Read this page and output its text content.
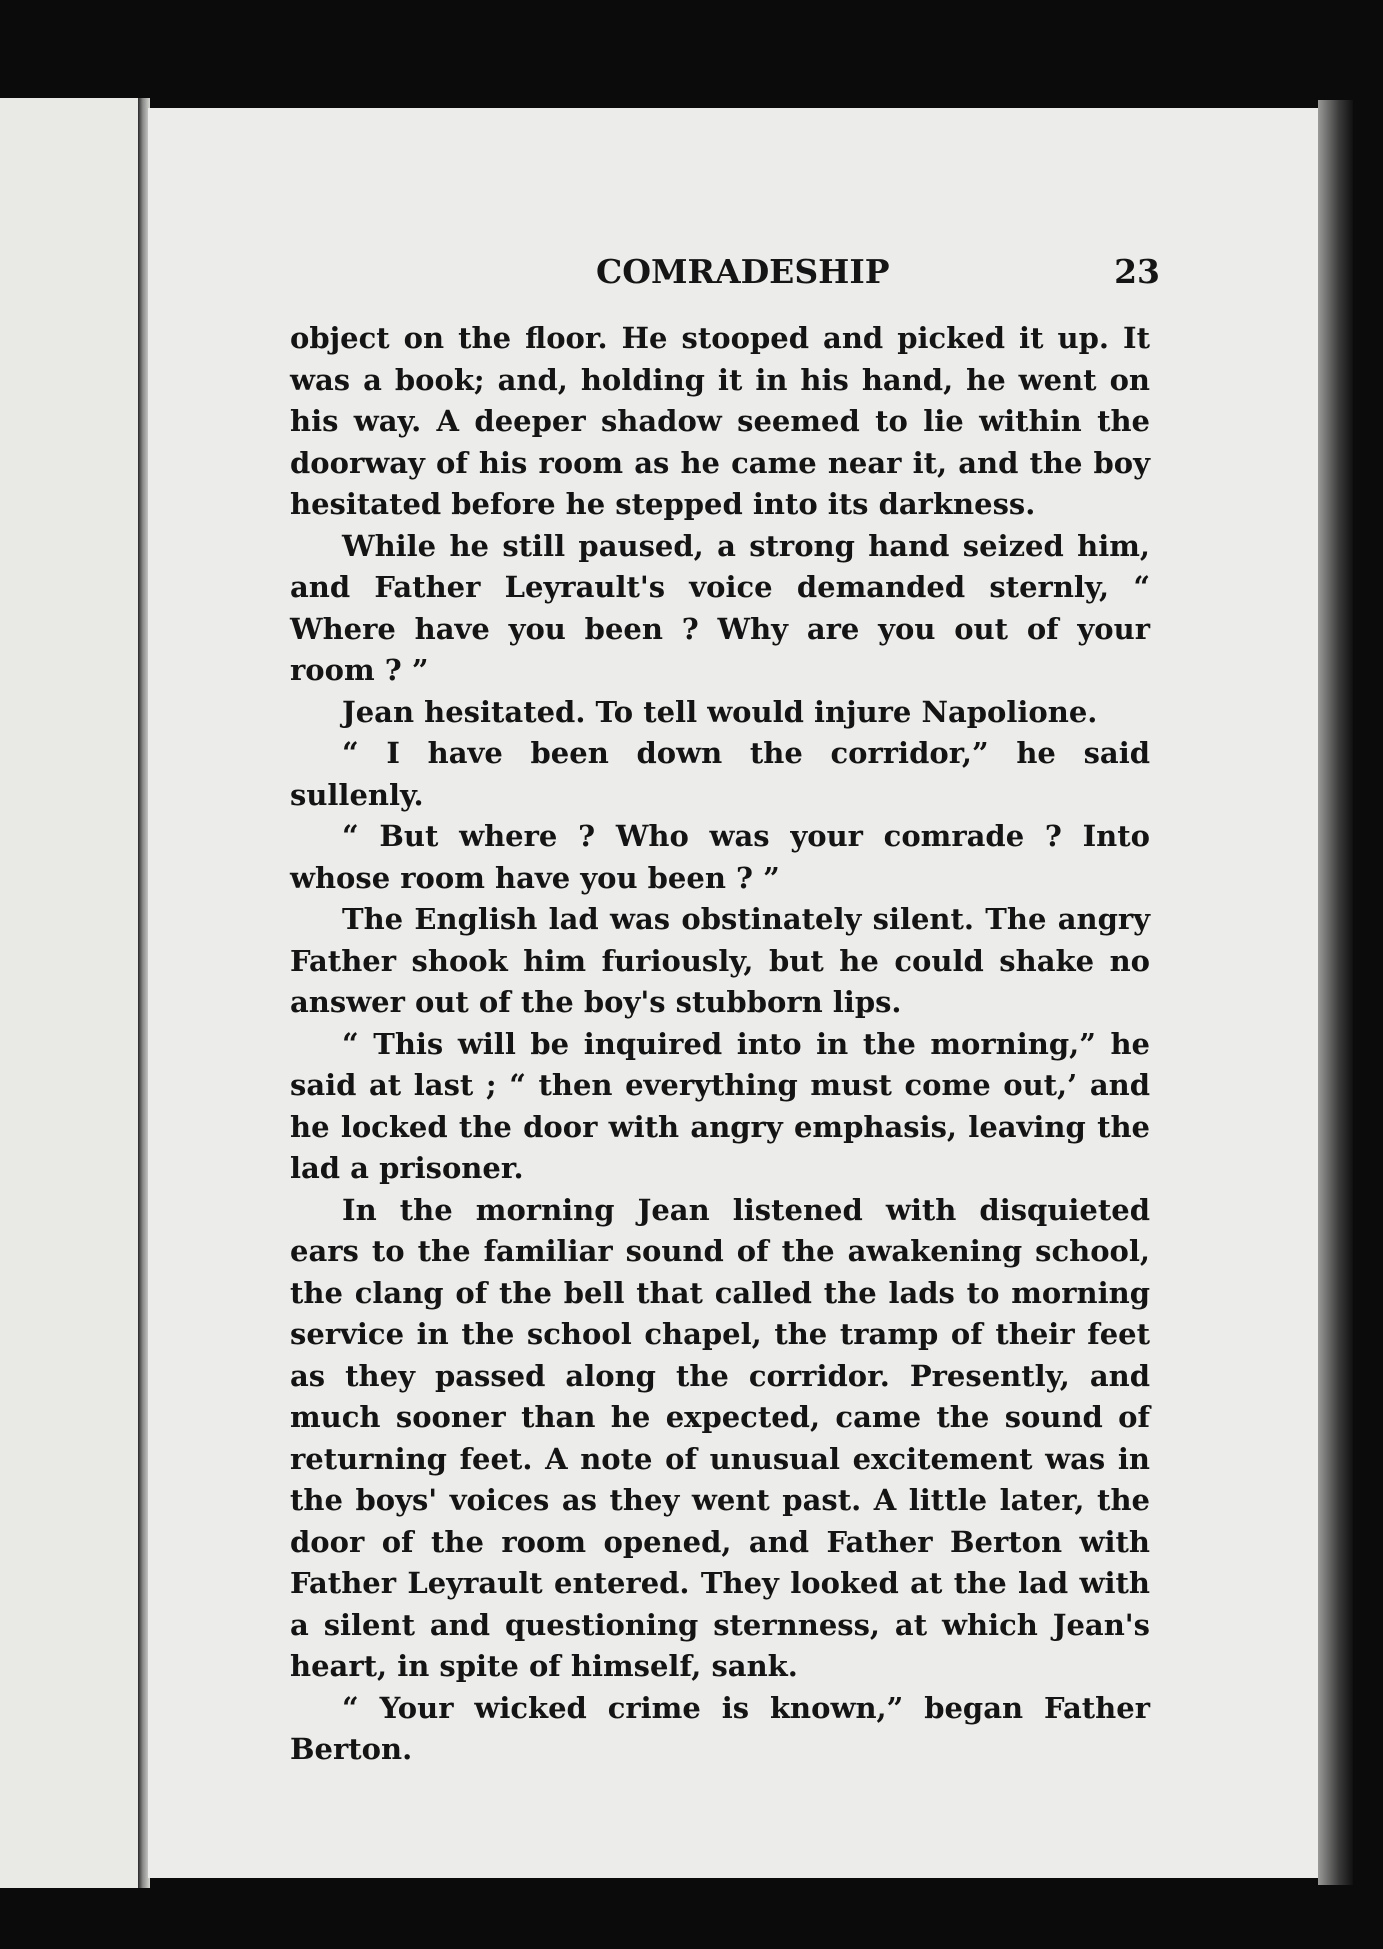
COMRADESHIP	23

object on the floor. He stooped and picked it up. It was a book; and, holding it in his hand, he went on his way. A deeper shadow seemed to lie within the doorway of his room as he came near it, and the boy hesitated before he stepped into its darkness.

While he still paused, a strong hand seized him, and Father Leyrault's voice demanded sternly, “ Where have you been ? Why are you out of your room ? ”

Jean hesitated. To tell would injure Napolione.

“ I have been down the corridor,” he said sullenly.

“ But where ? Who was your comrade ? Into whose room have you been ? ”

The English lad was obstinately silent. The angry Father shook him furiously, but he could shake no answer out of the boy's stubborn lips.

“ This will be inquired into in the morning,” he said at last ; “ then everything must come out,’ and he locked the door with angry emphasis, leaving the lad a prisoner.

In the morning Jean listened with disquieted ears to the familiar sound of the awakening school, the clang of the bell that called the lads to morning service in the school chapel, the tramp of their feet as they passed along the corridor. Presently, and much sooner than he expected, came the sound of returning feet. A note of unusual excitement was in the boys' voices as they went past. A little later, the door of the room opened, and Father Berton with Father Leyrault entered. They looked at the lad with a silent and questioning sternness, at which Jean's heart, in spite of himself, sank.

“ Your wicked crime is known,” began Father Berton.
